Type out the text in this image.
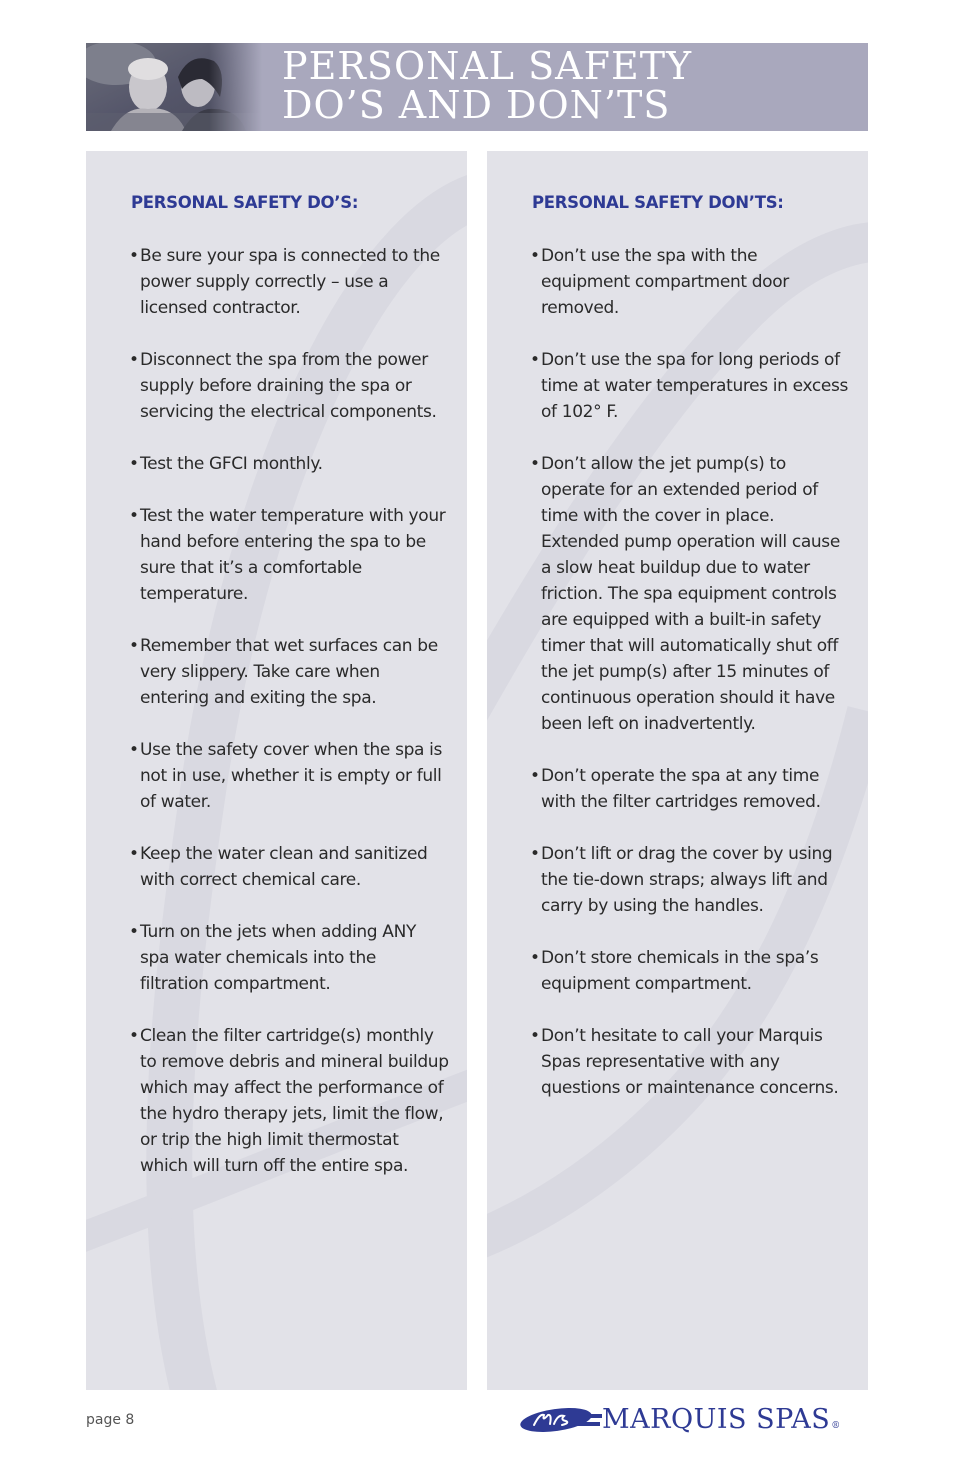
PERSONAL SAFETY
DO’S AND DON’TS
PERSONAL SAFETY DO’S:
• Be sure your spa is connected to the power supply correctly – use a licensed contractor.
• Disconnect the spa from the power supply before draining the spa or servicing the electrical components.
• Test the GFCI monthly.
• Test the water temperature with your hand before entering the spa to be sure that it’s a comfortable temperature.
• Remember that wet surfaces can be very slippery. Take care when entering and exiting the spa.
• Use the safety cover when the spa is not in use, whether it is empty or full of water.
• Keep the water clean and sanitized with correct chemical care.
• Turn on the jets when adding ANY spa water chemicals into the filtration compartment.
• Clean the filter cartridge(s) monthly to remove debris and mineral buildup which may affect the performance of the hydro therapy jets, limit the flow, or trip the high limit thermostat which will turn off the entire spa.
PERSONAL SAFETY DON’TS:
• Don’t use the spa with the equipment compartment door removed.
• Don’t use the spa for long periods of time at water temperatures in excess of 102° F.
• Don’t allow the jet pump(s) to operate for an extended period of time with the cover in place. Extended pump operation will cause a slow heat buildup due to water friction. The spa equipment controls are equipped with a built-in safety timer that will automatically shut off the jet pump(s) after 15 minutes of continuous operation should it have been left on inadvertently.
• Don’t operate the spa at any time with the filter cartridges removed.
• Don’t lift or drag the cover by using the tie-down straps; always lift and carry by using the handles.
• Don’t store chemicals in the spa’s equipment compartment.
• Don’t hesitate to call your Marquis Spas representative with any questions or maintenance concerns.
page 8	MARQUIS SPAS®
